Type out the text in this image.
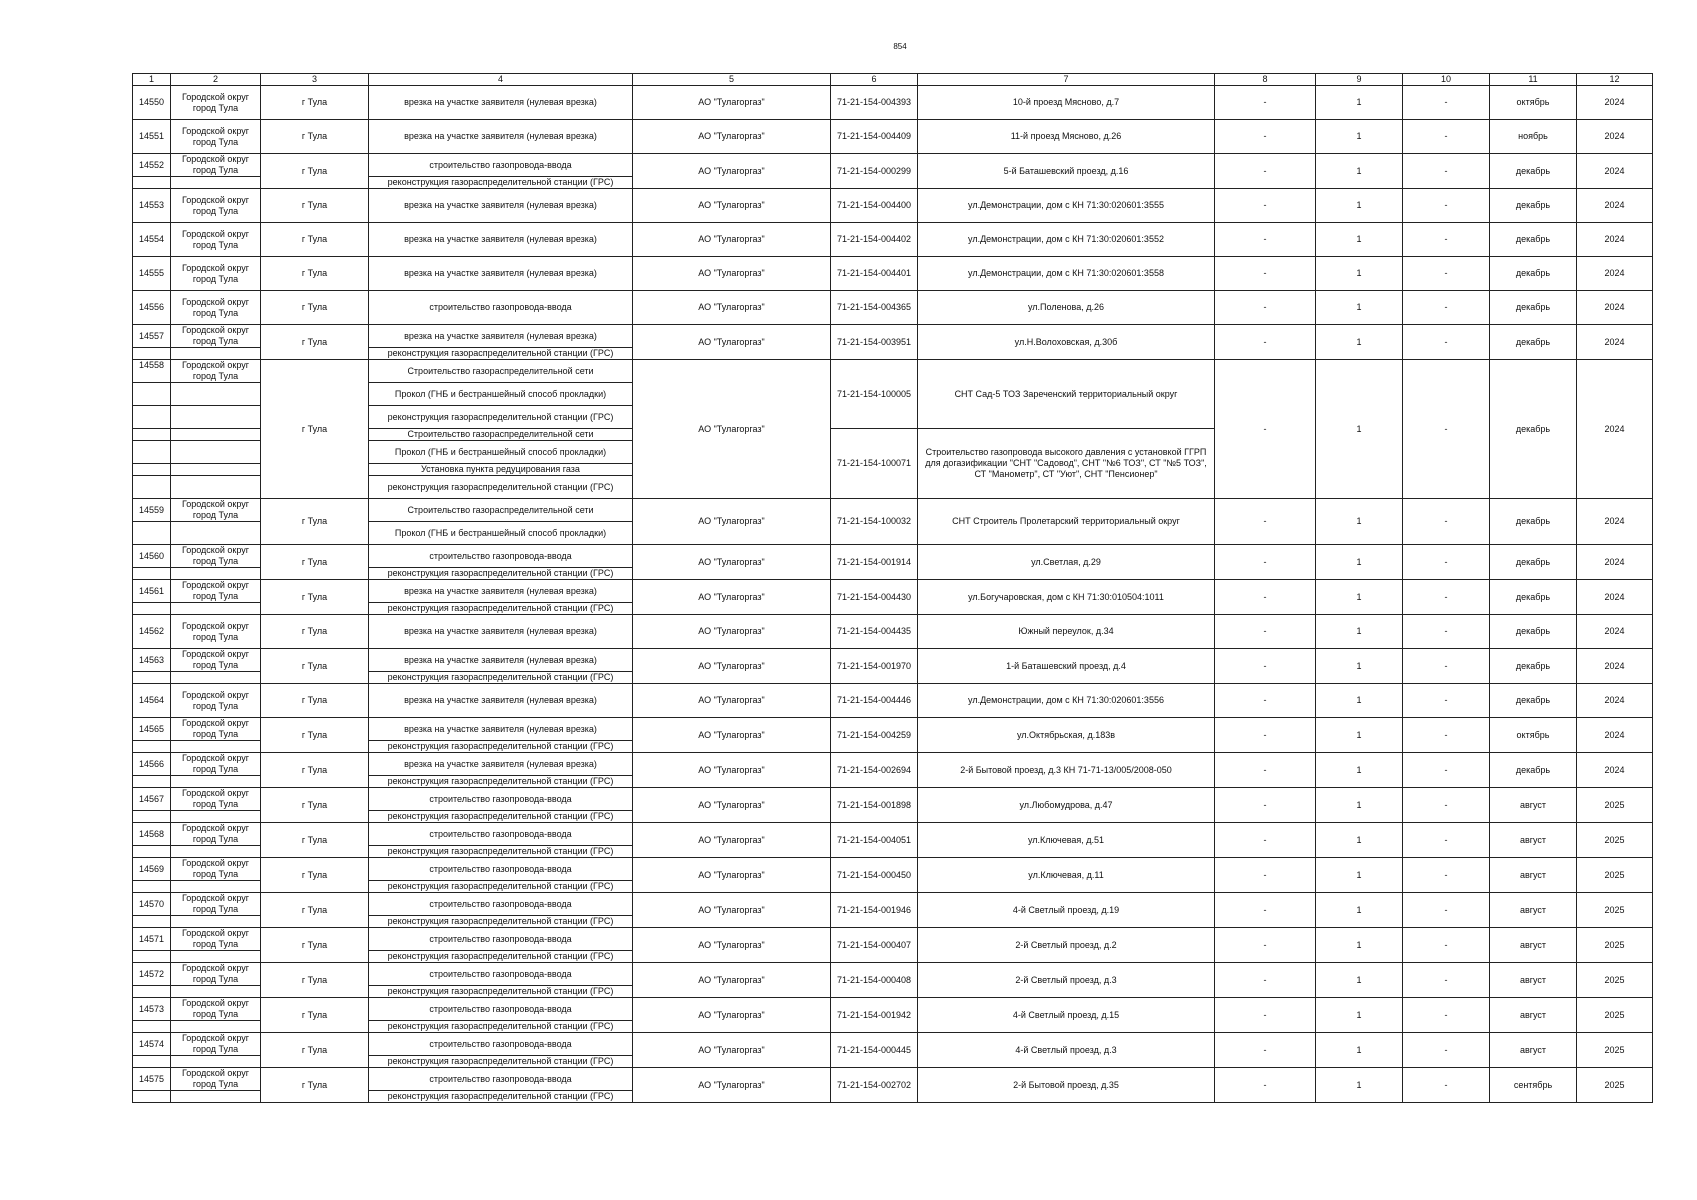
854
1	2	3	4	5	6	7	8	9	10	11	12
14550	Городской округ город Тула	г Тула	врезка на участке заявителя (нулевая врезка)	АО "Тулагоргаз"	71-21-154-004393	10-й проезд Мясново, д.7	-	1	-	октябрь	2024
14551	Городской округ город Тула	г Тула	врезка на участке заявителя (нулевая врезка)	АО "Тулагоргаз"	71-21-154-004409	11-й проезд Мясново, д.26	-	1	-	ноябрь	2024
14552	Городской округ город Тула	г Тула	строительство газопровода-ввода	АО "Тулагоргаз"	71-21-154-000299	5-й Баташевский проезд, д.16	-	1	-	декабрь	2024
			реконструкция газораспределительной станции (ГРС)								
14553	Городской округ город Тула	г Тула	врезка на участке заявителя (нулевая врезка)	АО "Тулагоргаз"	71-21-154-004400	ул.Демонстрации, дом с КН 71:30:020601:3555	-	1	-	декабрь	2024
14554	Городской округ город Тула	г Тула	врезка на участке заявителя (нулевая врезка)	АО "Тулагоргаз"	71-21-154-004402	ул.Демонстрации, дом с КН 71:30:020601:3552	-	1	-	декабрь	2024
14555	Городской округ город Тула	г Тула	врезка на участке заявителя (нулевая врезка)	АО "Тулагоргаз"	71-21-154-004401	ул.Демонстрации, дом с КН 71:30:020601:3558	-	1	-	декабрь	2024
14556	Городской округ город Тула	г Тула	строительство газопровода-ввода	АО "Тулагоргаз"	71-21-154-004365	ул.Поленова, д.26	-	1	-	декабрь	2024
14557	Городской округ город Тула	г Тула	врезка на участке заявителя (нулевая врезка)	АО "Тулагоргаз"	71-21-154-003951	ул.Н.Волоховская, д.30б	-	1	-	декабрь	2024
			реконструкция газораспределительной станции (ГРС)								
14558	Городской округ город Тула	г Тула	Строительство газораспределительной сети	АО "Тулагоргаз"	71-21-154-100005	СНТ Сад-5 ТОЗ Зареченский территориальный округ	-	1	-	декабрь	2024
			Прокол (ГНБ и бестраншейный способ прокладки)								
			реконструкция газораспределительной станции (ГРС)								
			Строительство газораспределительной сети		71-21-154-100071	Строительство газопровода высокого давления с установкой ГГРП для догазификации "СНТ "Садовод", СНТ "№6 ТОЗ", СТ "№5 ТОЗ", СТ "Манометр", СТ "Уют", СНТ "Пенсионер"					
			Прокол (ГНБ и бестраншейный способ прокладки)								
			Установка пункта редуцирования газа								
			реконструкция газораспределительной станции (ГРС)								
14559	Городской округ город Тула	г Тула	Строительство газораспределительной сети	АО "Тулагоргаз"	71-21-154-100032	СНТ Строитель Пролетарский территориальный округ	-	1	-	декабрь	2024
			Прокол (ГНБ и бестраншейный способ прокладки)								
14560	Городской округ город Тула	г Тула	строительство газопровода-ввода	АО "Тулагоргаз"	71-21-154-001914	ул.Светлая, д.29	-	1	-	декабрь	2024
			реконструкция газораспределительной станции (ГРС)								
14561	Городской округ город Тула	г Тула	врезка на участке заявителя (нулевая врезка)	АО "Тулагоргаз"	71-21-154-004430	ул.Богучаровская, дом с КН 71:30:010504:1011	-	1	-	декабрь	2024
			реконструкция газораспределительной станции (ГРС)								
14562	Городской округ город Тула	г Тула	врезка на участке заявителя (нулевая врезка)	АО "Тулагоргаз"	71-21-154-004435	Южный переулок, д.34	-	1	-	декабрь	2024
14563	Городской округ город Тула	г Тула	врезка на участке заявителя (нулевая врезка)	АО "Тулагоргаз"	71-21-154-001970	1-й Баташевский проезд, д.4	-	1	-	декабрь	2024
			реконструкция газораспределительной станции (ГРС)								
14564	Городской округ город Тула	г Тула	врезка на участке заявителя (нулевая врезка)	АО "Тулагоргаз"	71-21-154-004446	ул.Демонстрации, дом с КН 71:30:020601:3556	-	1	-	декабрь	2024
14565	Городской округ город Тула	г Тула	врезка на участке заявителя (нулевая врезка)	АО "Тулагоргаз"	71-21-154-004259	ул.Октябрьская, д.183в	-	1	-	октябрь	2024
			реконструкция газораспределительной станции (ГРС)								
14566	Городской округ город Тула	г Тула	врезка на участке заявителя (нулевая врезка)	АО "Тулагоргаз"	71-21-154-002694	2-й Бытовой проезд, д.3 КН 71-71-13/005/2008-050	-	1	-	декабрь	2024
			реконструкция газораспределительной станции (ГРС)								
14567	Городской округ город Тула	г Тула	строительство газопровода-ввода	АО "Тулагоргаз"	71-21-154-001898	ул.Любомудрова, д.47	-	1	-	август	2025
			реконструкция газораспределительной станции (ГРС)								
14568	Городской округ город Тула	г Тула	строительство газопровода-ввода	АО "Тулагоргаз"	71-21-154-004051	ул.Ключевая, д.51	-	1	-	август	2025
			реконструкция газораспределительной станции (ГРС)								
14569	Городской округ город Тула	г Тула	строительство газопровода-ввода	АО "Тулагоргаз"	71-21-154-000450	ул.Ключевая, д.11	-	1	-	август	2025
			реконструкция газораспределительной станции (ГРС)								
14570	Городской округ город Тула	г Тула	строительство газопровода-ввода	АО "Тулагоргаз"	71-21-154-001946	4-й Светлый проезд, д.19	-	1	-	август	2025
			реконструкция газораспределительной станции (ГРС)								
14571	Городской округ город Тула	г Тула	строительство газопровода-ввода	АО "Тулагоргаз"	71-21-154-000407	2-й Светлый проезд, д.2	-	1	-	август	2025
			реконструкция газораспределительной станции (ГРС)								
14572	Городской округ город Тула	г Тула	строительство газопровода-ввода	АО "Тулагоргаз"	71-21-154-000408	2-й Светлый проезд, д.3	-	1	-	август	2025
			реконструкция газораспределительной станции (ГРС)								
14573	Городской округ город Тула	г Тула	строительство газопровода-ввода	АО "Тулагоргаз"	71-21-154-001942	4-й Светлый проезд, д.15	-	1	-	август	2025
			реконструкция газораспределительной станции (ГРС)								
14574	Городской округ город Тула	г Тула	строительство газопровода-ввода	АО "Тулагоргаз"	71-21-154-000445	4-й Светлый проезд, д.3	-	1	-	август	2025
			реконструкция газораспределительной станции (ГРС)								
14575	Городской округ город Тула	г Тула	строительство газопровода-ввода	АО "Тулагоргаз"	71-21-154-002702	2-й Бытовой проезд, д.35	-	1	-	сентябрь	2025
			реконструкция газораспределительной станции (ГРС)								
